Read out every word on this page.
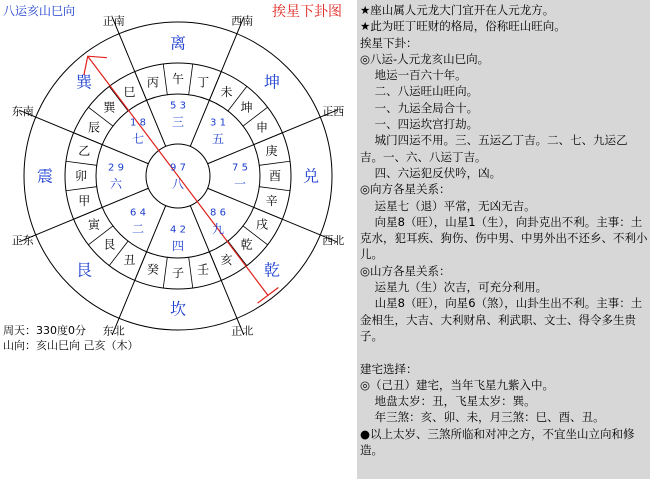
丙 午 丁
未
坤
申
庚
酉
辛
戌
乾
亥
壬
子
癸
丑
艮
寅
甲
卯
乙
辰
巽
巳
离
坤
兑
乾
坎
艮
震
巽
正南	西南
正西
西北
正北
东北
正东
东南
1 8
七
5 3
三	3 1
五
2 9
六
9 7
八
7 5
一
6 4
二	4 2
四
8 6
九
八运亥山巳向	挨星下卦图
周天：330度0分
山向：亥山巳向 己亥（木）
★座山属人元龙大门宜开在人元龙方。
★此为旺丁旺财的格局，俗称旺山旺向。
挨星下卦：
◎八运-人元龙亥山巳向。
地运一百六十年。
二、八运旺山旺向。
一、九运全局合十。
一、四运坎宫打劫。
城门四运不用。三、五运乙丁吉。二、七、九运乙吉。一、六、八运丁吉。
四、六运犯反伏吟，凶。
◎向方各星关系：
运星七（退）平常，无凶无吉。
向星8（旺），山星1（生），向卦克出不利。主事：土克水，犯耳疾、狗伤、伤中男、中男外出不还乡、不利小儿。
◎山方各星关系：
运星九（生）次吉，可充分利用。
山星8（旺），向星6（煞），山卦生出不利。主事：土金相生，大吉、大利财帛、利武职、文士、得令多生贵子。

建宅选择：
◎（己丑）建宅，当年飞星九紫入中。
地盘太岁：丑，飞星太岁：巽。
年三煞：亥、卯、未，月三煞：巳、酉、丑。
●以上太岁、三煞所临和对冲之方，不宜坐山立向和修造。
